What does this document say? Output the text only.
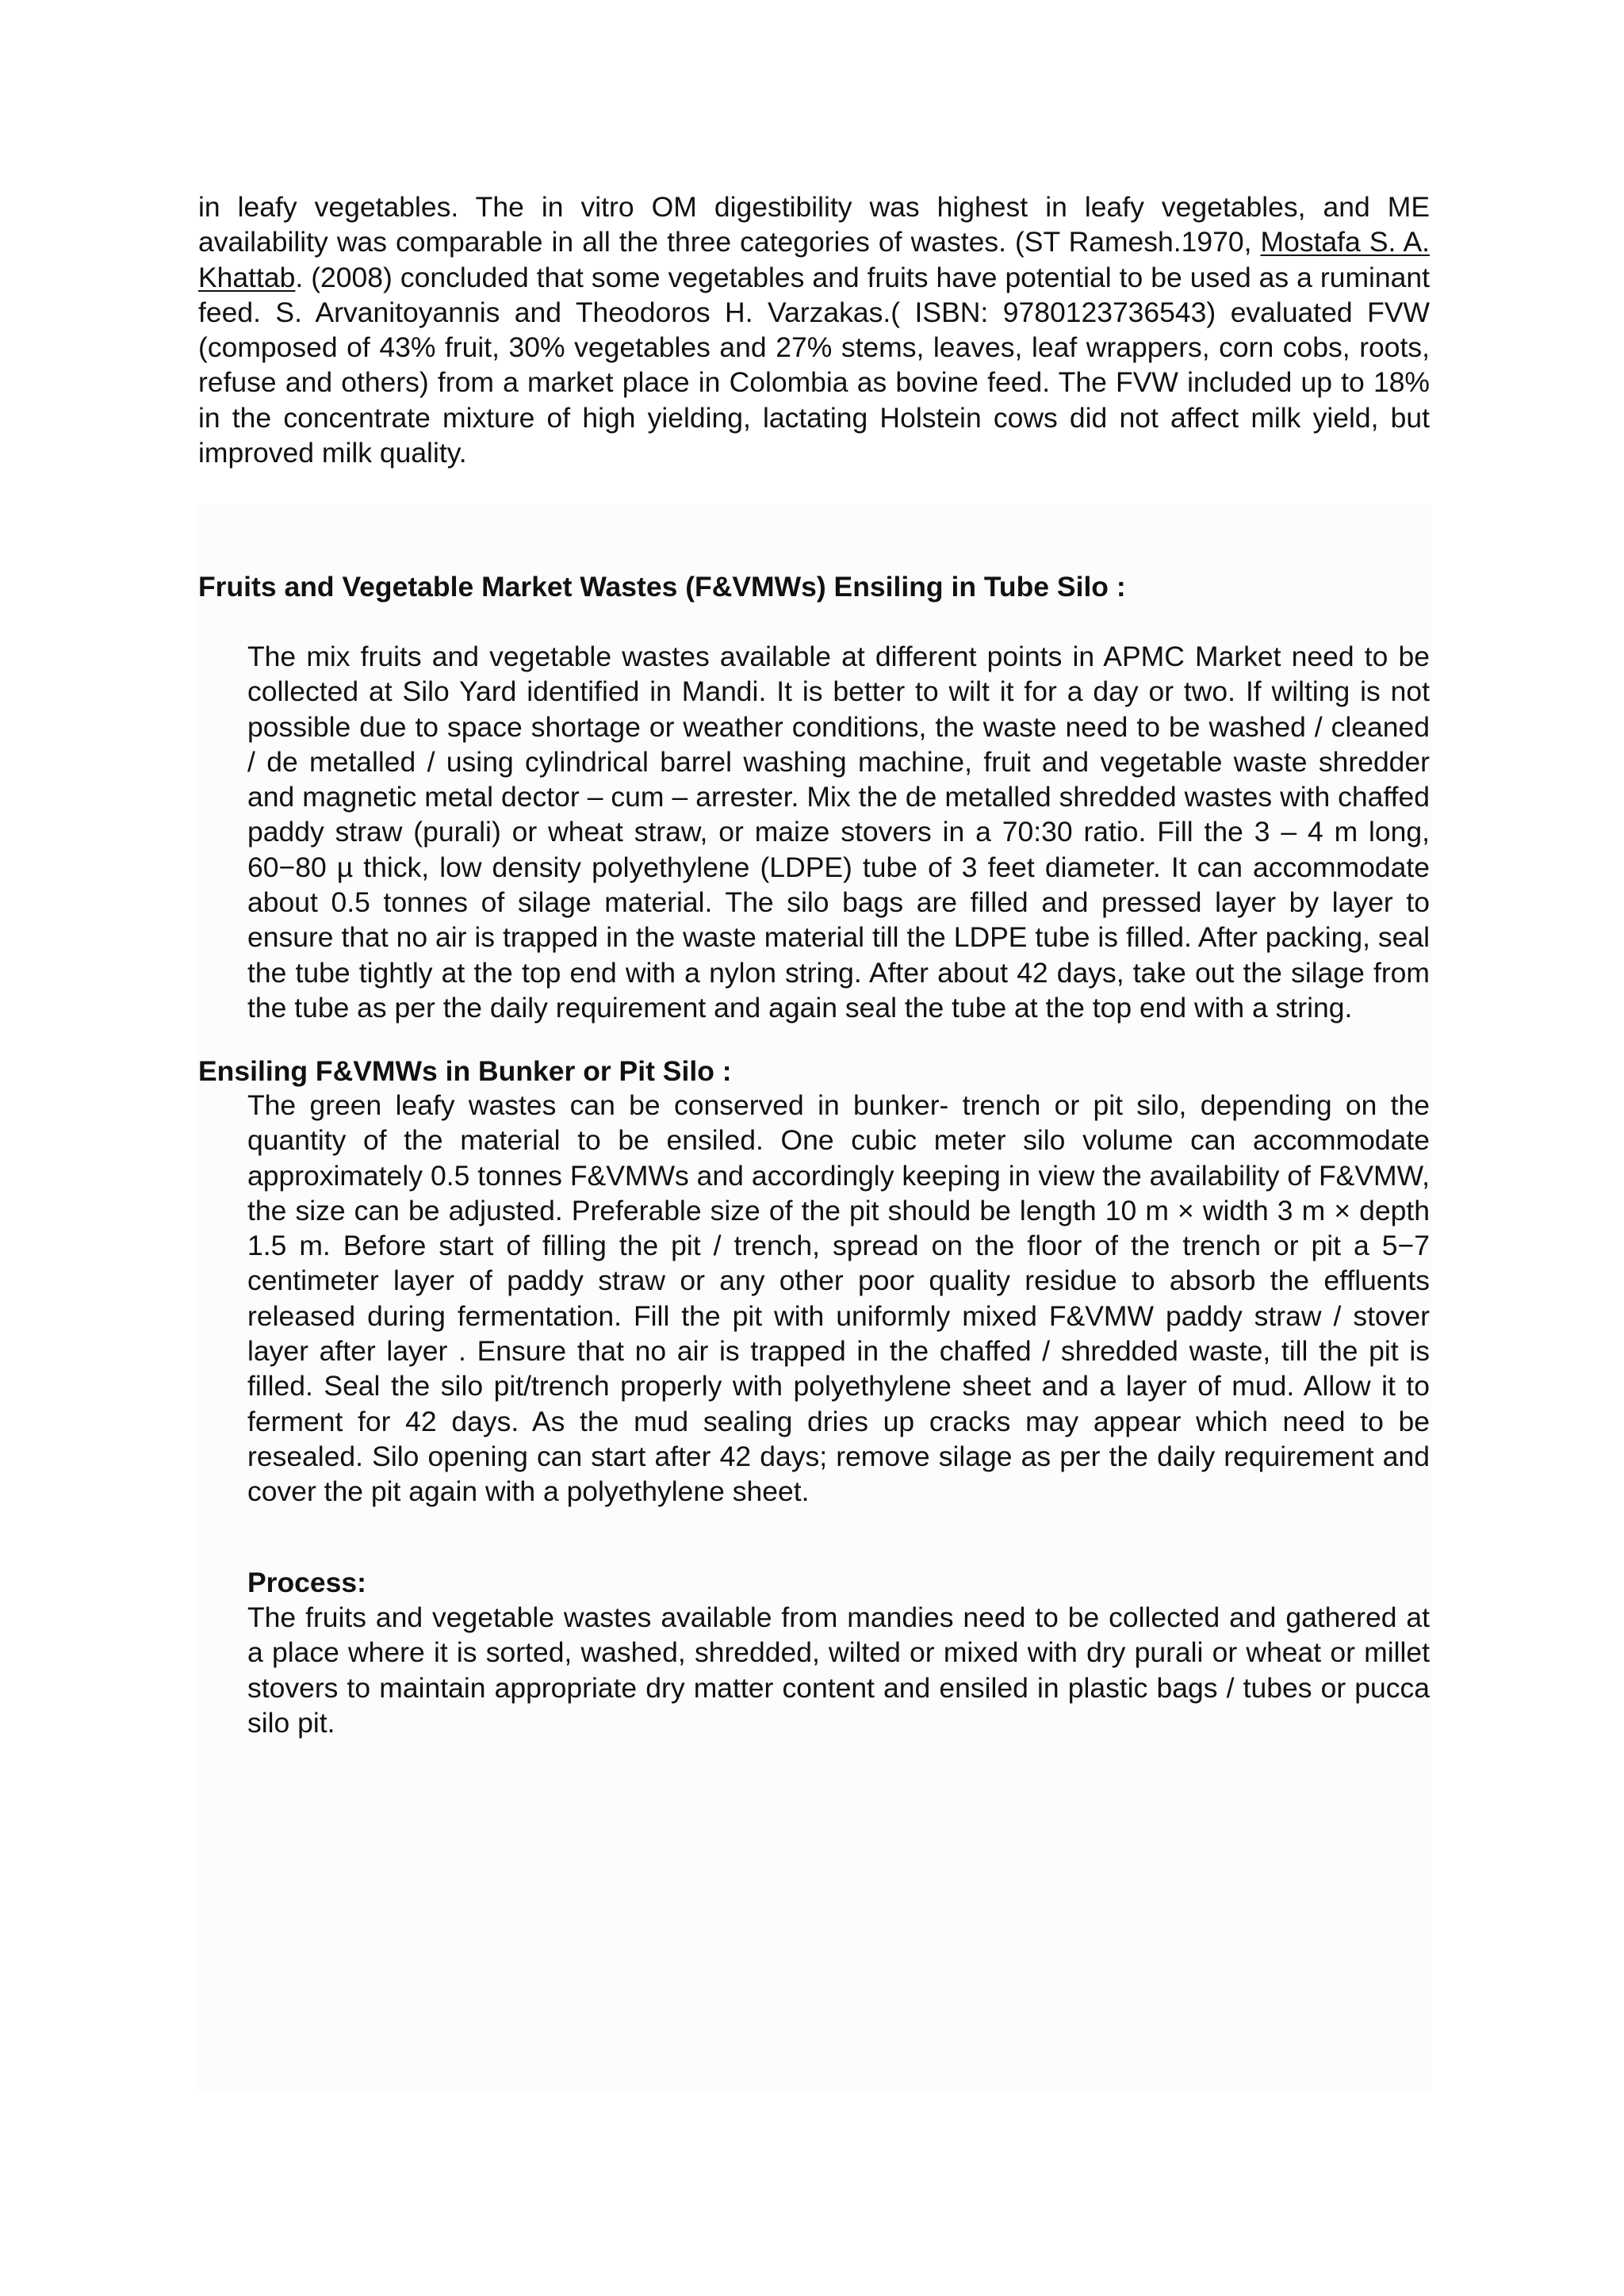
in leafy vegetables. The in vitro OM digestibility was highest in leafy vegetables, and ME availability was comparable in all the three categories of wastes. (ST Ramesh.1970, Mostafa S. A. Khattab. (2008) concluded that some vegetables and fruits have potential to be used as a ruminant feed. S. Arvanitoyannis and Theodoros H. Varzakas.( ISBN: 9780123736543) evaluated FVW (composed of 43% fruit, 30% vegetables and 27% stems, leaves, leaf wrappers, corn cobs, roots, refuse and others) from a market place in Colombia as bovine feed. The FVW included up to 18% in the concentrate mixture of high yielding, lactating Holstein cows did not affect milk yield, but improved milk quality.

Fruits and Vegetable Market Wastes (F&VMWs) Ensiling in Tube Silo :

The mix fruits and vegetable wastes available at different points in APMC Market need to be collected at Silo Yard identified in Mandi. It is better to wilt it for a day or two. If wilting is not possible due to space shortage or weather conditions, the waste need to be washed / cleaned / de metalled / using cylindrical barrel washing machine, fruit and vegetable waste shredder and magnetic metal dector – cum – arrester. Mix the de metalled shredded wastes with chaffed paddy straw (purali) or wheat straw, or maize stovers in a 70:30 ratio. Fill the 3 – 4 m long, 60−80 µ thick, low density polyethylene (LDPE) tube of 3 feet diameter. It can accommodate about 0.5 tonnes of silage material. The silo bags are filled and pressed layer by layer to ensure that no air is trapped in the waste material till the LDPE tube is filled. After packing, seal the tube tightly at the top end with a nylon string. After about 42 days, take out the silage from the tube as per the daily requirement and again seal the tube at the top end with a string.

Ensiling F&VMWs in Bunker or Pit Silo :

The green leafy wastes can be conserved in bunker- trench or pit silo, depending on the quantity of the material to be ensiled. One cubic meter silo volume can accommodate approximately 0.5 tonnes F&VMWs and accordingly keeping in view the availability of F&VMW, the size can be adjusted. Preferable size of the pit should be length 10 m × width 3 m × depth 1.5 m. Before start of filling the pit / trench, spread on the floor of the trench or pit a 5−7 centimeter layer of paddy straw or any other poor quality residue to absorb the effluents released during fermentation. Fill the pit with uniformly mixed F&VMW paddy straw / stover layer after layer . Ensure that no air is trapped in the chaffed / shredded waste, till the pit is filled. Seal the silo pit/trench properly with polyethylene sheet and a layer of mud. Allow it to ferment for 42 days. As the mud sealing dries up cracks may appear which need to be resealed. Silo opening can start after 42 days; remove silage as per the daily requirement and cover the pit again with a polyethylene sheet.

Process:

The fruits and vegetable wastes available from mandies need to be collected and gathered at a place where it is sorted, washed, shredded, wilted or mixed with dry purali or wheat or millet stovers to maintain appropriate dry matter content and ensiled in plastic bags / tubes or pucca silo pit.
